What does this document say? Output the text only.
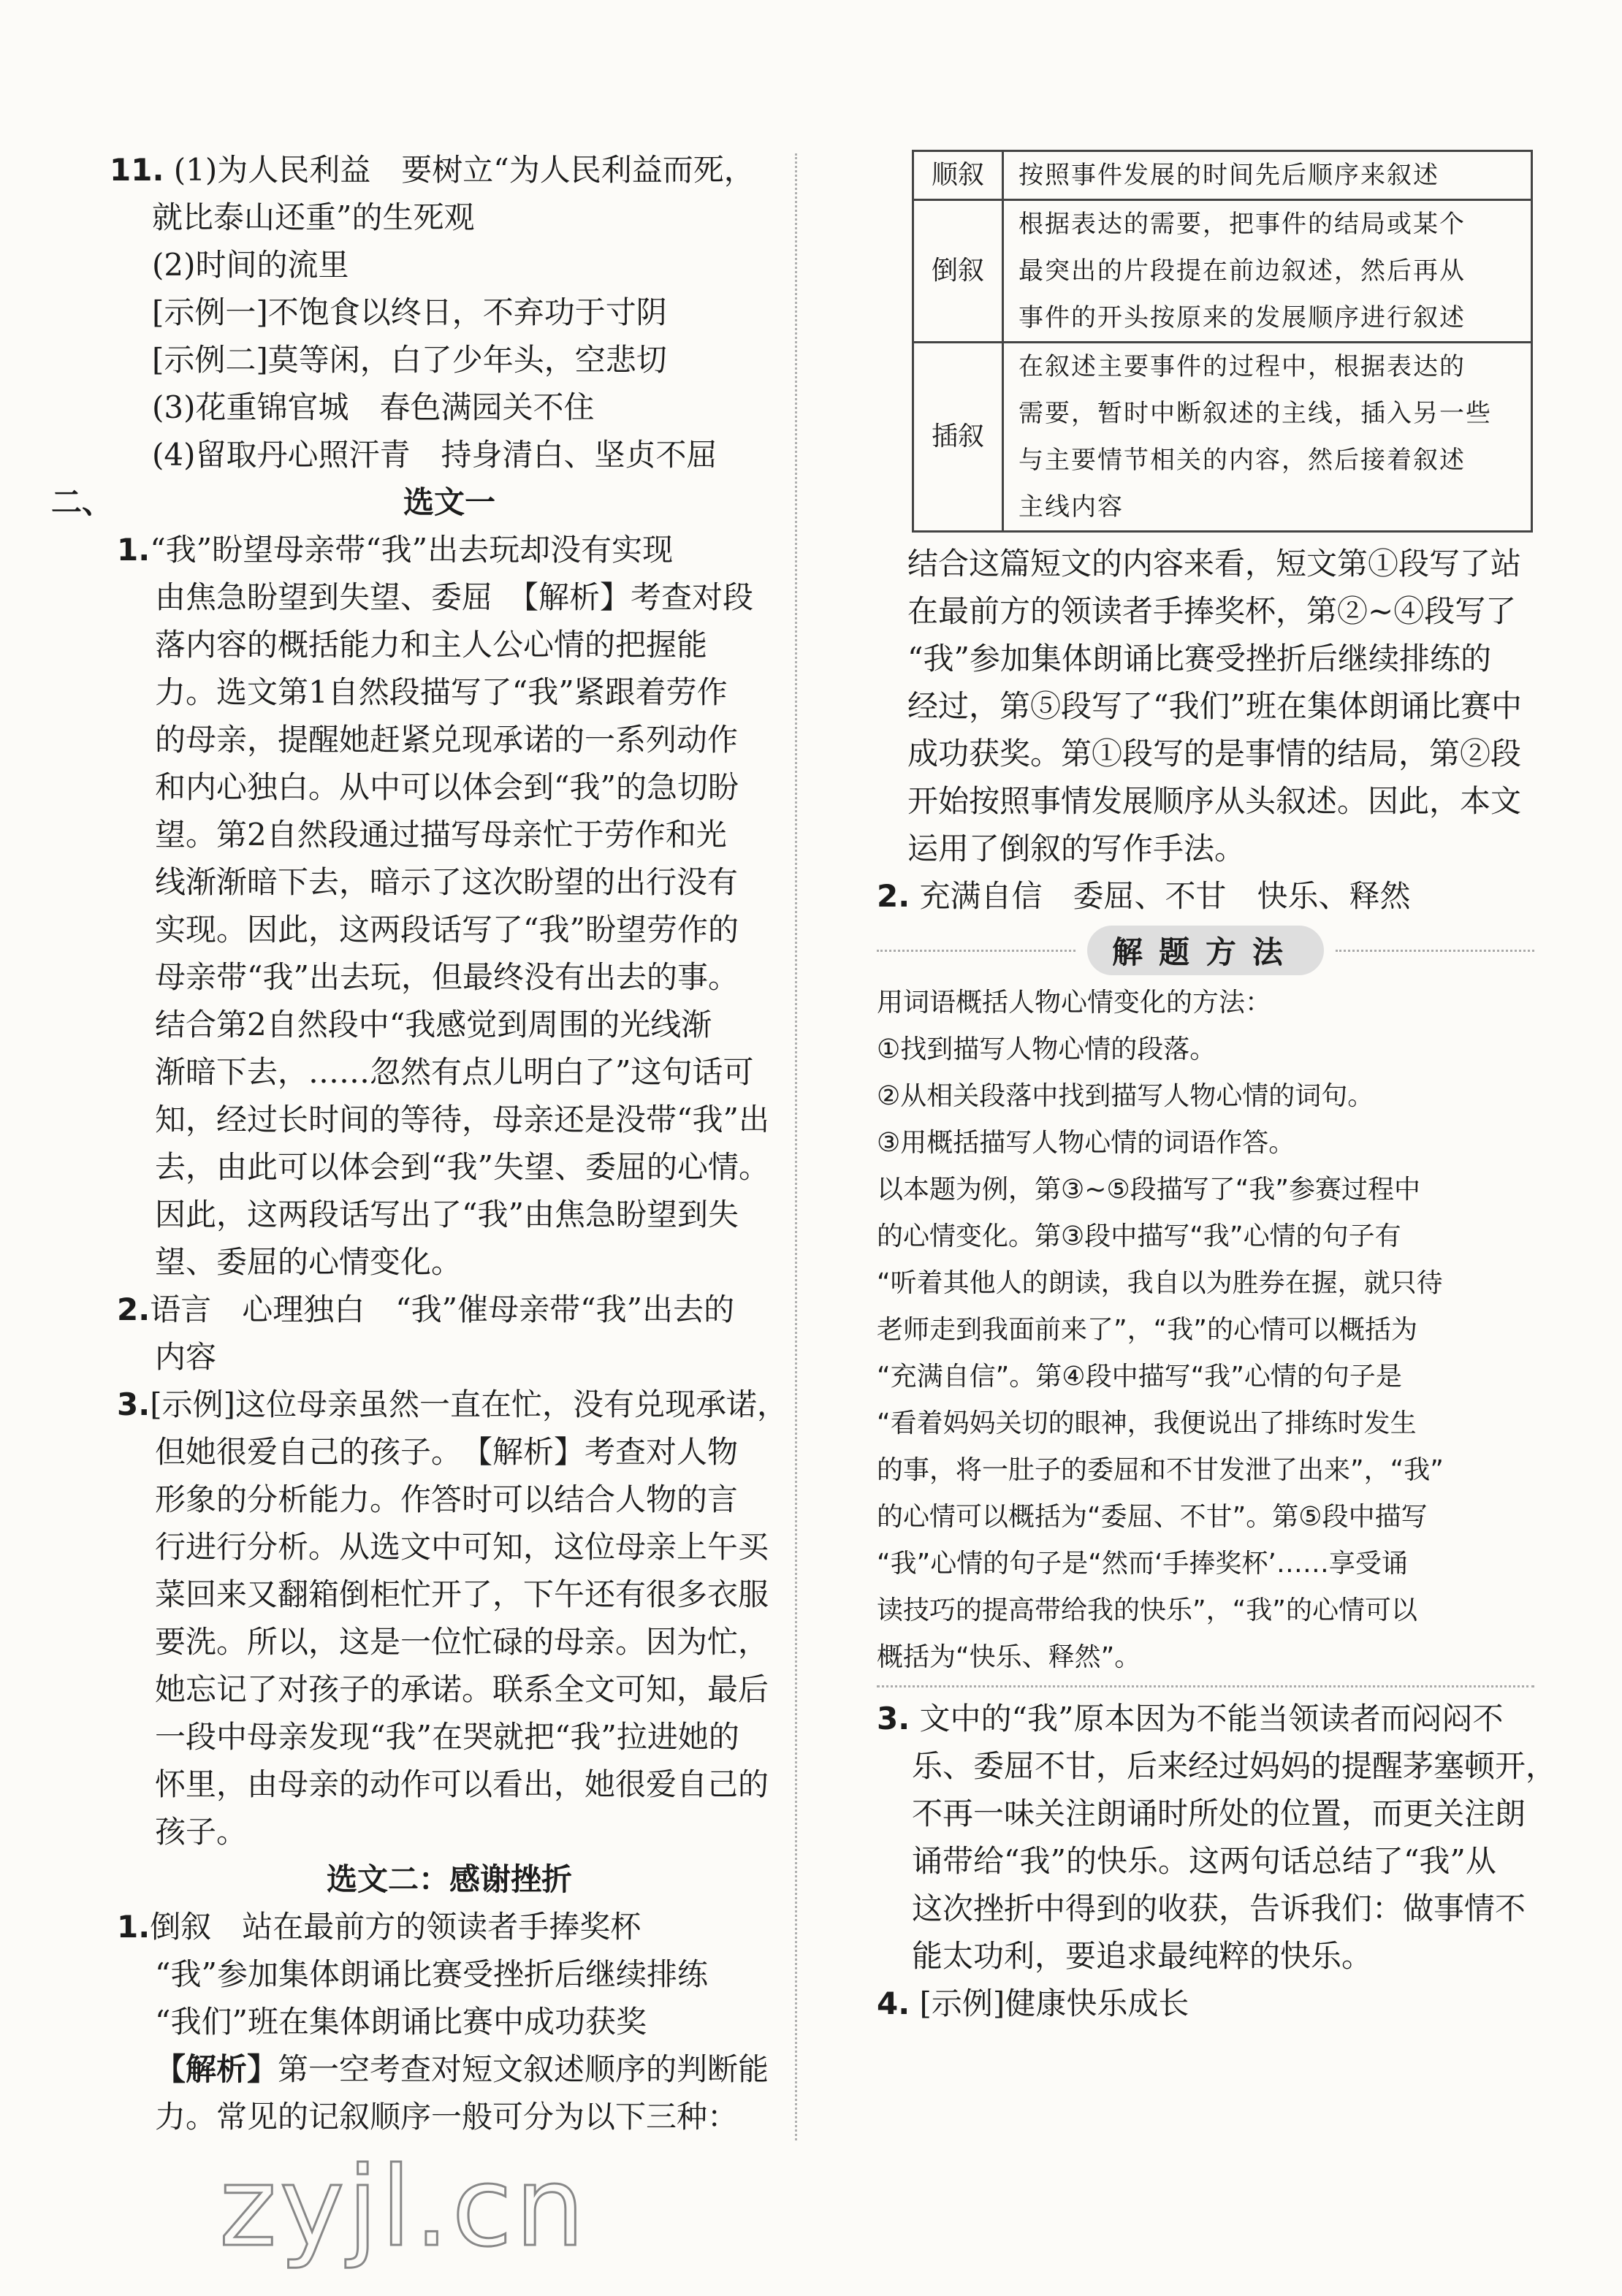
11. (1)为人民利益　要树立“为人民利益而死，
就比泰山还重”的生死观
(2)时间的流里
[示例一]不饱食以终日，不弃功于寸阴
[示例二]莫等闲，白了少年头，空悲切
(3)花重锦官城　春色满园关不住
(4)留取丹心照汗青　持身清白、坚贞不屈
二、	选文一
1.“我”盼望母亲带“我”出去玩却没有实现
由焦急盼望到失望、委屈　【解析】考查对段
落内容的概括能力和主人公心情的把握能
力。选文第1自然段描写了“我”紧跟着劳作
的母亲，提醒她赶紧兑现承诺的一系列动作
和内心独白。从中可以体会到“我”的急切盼
望。第2自然段通过描写母亲忙于劳作和光
线渐渐暗下去，暗示了这次盼望的出行没有
实现。因此，这两段话写了“我”盼望劳作的
母亲带“我”出去玩，但最终没有出去的事。
结合第2自然段中“我感觉到周围的光线渐
渐暗下去，……忽然有点儿明白了”这句话可
知，经过长时间的等待，母亲还是没带“我”出
去，由此可以体会到“我”失望、委屈的心情。
因此，这两段话写出了“我”由焦急盼望到失
望、委屈的心情变化。
2.语言　心理独白　“我”催母亲带“我”出去的
内容
3.[示例]这位母亲虽然一直在忙，没有兑现承诺，
但她很爱自己的孩子。　【解析】考查对人物
形象的分析能力。作答时可以结合人物的言
行进行分析。从选文中可知，这位母亲上午买
菜回来又翻箱倒柜忙开了，下午还有很多衣服
要洗。所以，这是一位忙碌的母亲。因为忙，
她忘记了对孩子的承诺。联系全文可知，最后
一段中母亲发现“我”在哭就把“我”拉进她的
怀里，由母亲的动作可以看出，她很爱自己的
孩子。
选文二：感谢挫折
1.倒叙　站在最前方的领读者手捧奖杯
“我”参加集体朗诵比赛受挫折后继续排练
“我们”班在集体朗诵比赛中成功获奖
【解析】第一空考查对短文叙述顺序的判断能
力。常见的记叙顺序一般可分为以下三种：
顺叙	按照事件发展的时间先后顺序来叙述

倒叙	根据表达的需要，把事件的结局或某个
最突出的片段提在前边叙述，然后再从
事件的开头按原来的发展顺序进行叙述

插叙	在叙述主要事件的过程中，根据表达的
需要，暂时中断叙述的主线，插入另一些
与主要情节相关的内容，然后接着叙述
主线内容
结合这篇短文的内容来看，短文第①段写了站
在最前方的领读者手捧奖杯，第②~④段写了
“我”参加集体朗诵比赛受挫折后继续排练的
经过，第⑤段写了“我们”班在集体朗诵比赛中
成功获奖。第①段写的是事情的结局，第②段
开始按照事情发展顺序从头叙述。因此，本文
运用了倒叙的写作手法。
2. 充满自信　委屈、不甘　快乐、释然
解题方法
用词语概括人物心情变化的方法：
①找到描写人物心情的段落。
②从相关段落中找到描写人物心情的词句。
③用概括描写人物心情的词语作答。
以本题为例，第③~⑤段描写了“我”参赛过程中
的心情变化。第③段中描写“我”心情的句子有
“听着其他人的朗读，我自以为胜券在握，就只待
老师走到我面前来了”，“我”的心情可以概括为
“充满自信”。第④段中描写“我”心情的句子是
“看着妈妈关切的眼神，我便说出了排练时发生
的事，将一肚子的委屈和不甘发泄了出来”，“我”
的心情可以概括为“委屈、不甘”。第⑤段中描写
“我”心情的句子是“然而‘手捧奖杯’……享受诵
读技巧的提高带给我的快乐”，“我”的心情可以
概括为“快乐、释然”。
3. 文中的“我”原本因为不能当领读者而闷闷不
乐、委屈不甘，后来经过妈妈的提醒茅塞顿开，
不再一味关注朗诵时所处的位置，而更关注朗
诵带给“我”的快乐。这两句话总结了“我”从
这次挫折中得到的收获，告诉我们：做事情不
能太功利，要追求最纯粹的快乐。
4. [示例]健康快乐成长
zyjl.cn
